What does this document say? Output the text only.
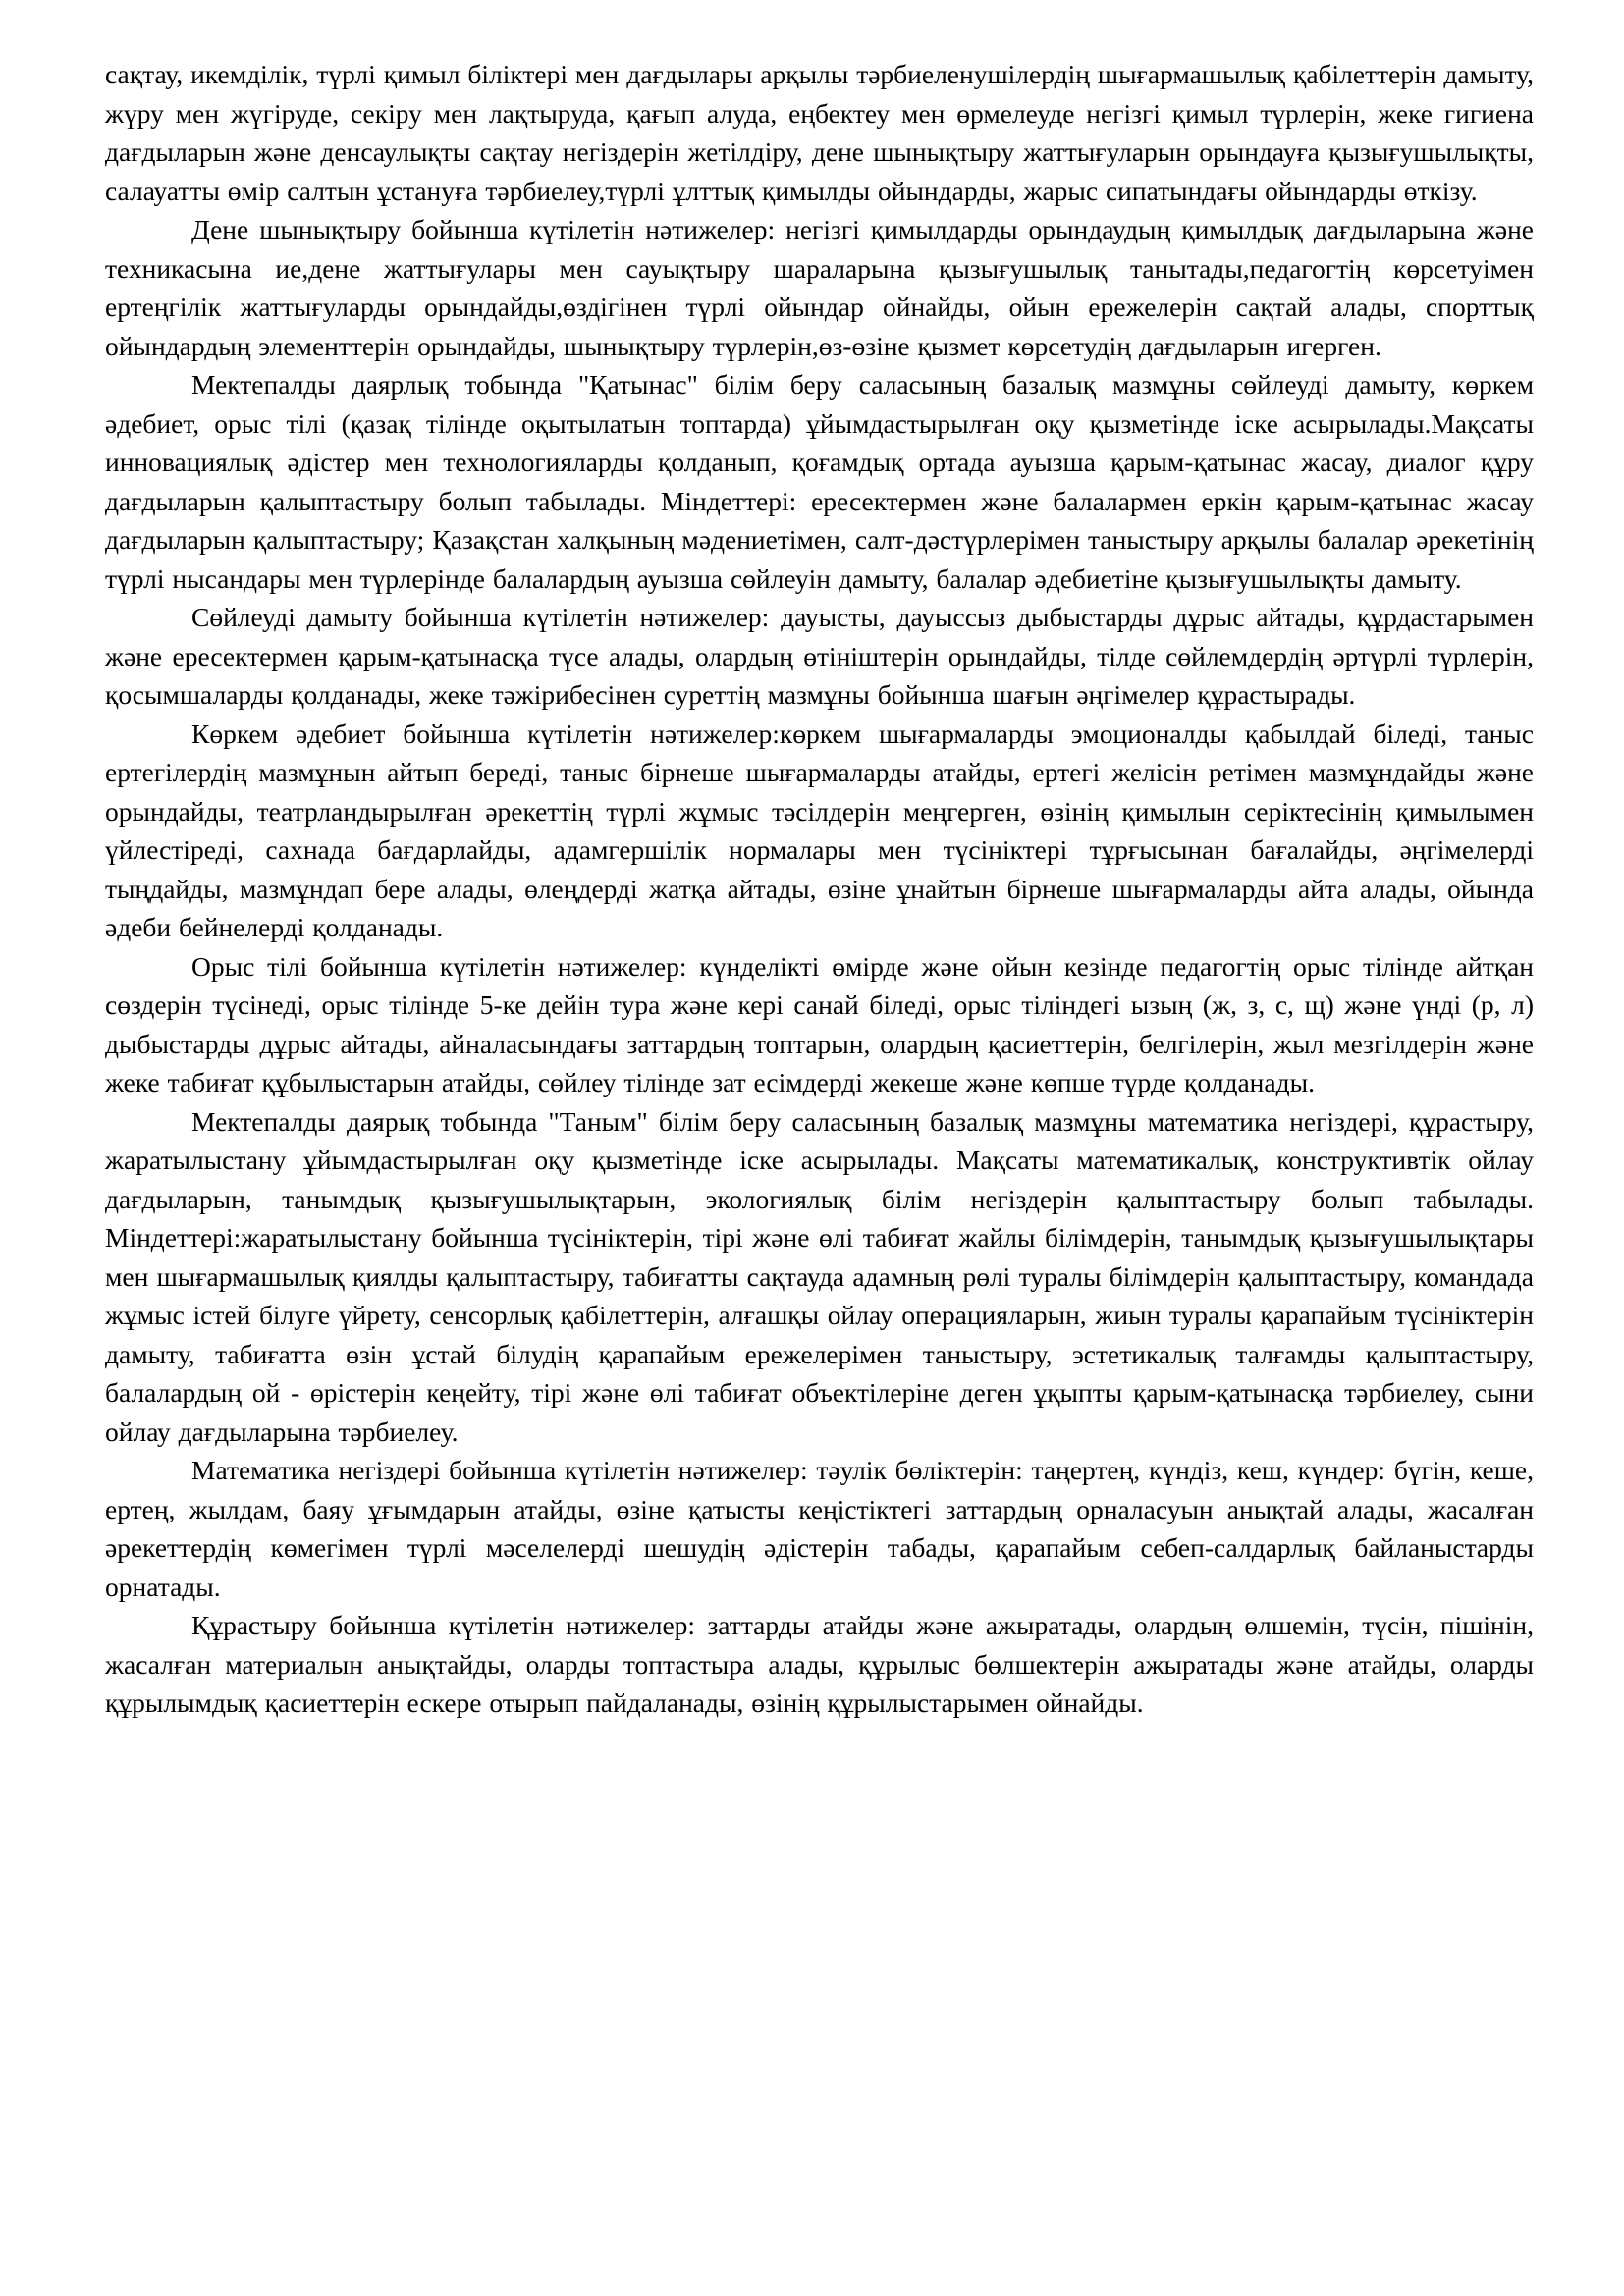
сақтау, икемділік, түрлі қимыл біліктері мен дағдылары арқылы тәрбиеленушілердің шығармашылық қабілеттерін дамыту, жүру мен жүгіруде, секіру мен лақтыруда, қағып алуда, еңбектеу мен өрмелеуде негізгі қимыл түрлерін, жеке гигиена дағдыларын және денсаулықты сақтау негіздерін жетілдіру, дене шынықтыру жаттығуларын орындауға қызығушылықты, салауатты өмір салтын ұстануға тәрбиелеу,түрлі ұлттық қимылды ойындарды, жарыс сипатындағы ойындарды өткізу.

Дене шынықтыру бойынша күтілетін нәтижелер: негізгі қимылдарды орындаудың қимылдық дағдыларына және техникасына ие,дене жаттығулары мен сауықтыру шараларына қызығушылық танытады,педагогтің көрсетуімен ертеңгілік жаттығуларды орындайды,өздігінен түрлі ойындар ойнайды, ойын ережелерін сақтай алады, спорттық ойындардың элементтерін орындайды, шынықтыру түрлерін,өз-өзіне қызмет көрсетудің дағдыларын игерген.

Мектепалды даярлық тобында "Қатынас" білім беру саласының базалық мазмұны сөйлеуді дамыту, көркем әдебиет, орыс тілі (қазақ тілінде оқытылатын топтарда) ұйымдастырылған оқу қызметінде іске асырылады.Мақсаты инновациялық әдістер мен технологияларды қолданып, қоғамдық ортада ауызша қарым-қатынас жасау, диалог құру дағдыларын қалыптастыру болып табылады. Міндеттері: ересектермен және балалармен еркін қарым-қатынас жасау дағдыларын қалыптастыру; Қазақстан халқының мәдениетімен, салт-дәстүрлерімен таныстыру арқылы балалар әрекетінің түрлі нысандары мен түрлерінде балалардың ауызша сөйлеуін дамыту, балалар әдебиетіне қызығушылықты дамыту.

Сөйлеуді дамыту бойынша күтілетін нәтижелер: дауысты, дауыссыз дыбыстарды дұрыс айтады, құрдастарымен және ересектермен қарым-қатынасқа түсе алады, олардың өтініштерін орындайды, тілде сөйлемдердің әртүрлі түрлерін, қосымшаларды қолданады, жеке тәжірибесінен суреттің мазмұны бойынша шағын әңгімелер құрастырады.

Көркем әдебиет бойынша күтілетін нәтижелер:көркем шығармаларды эмоционалды қабылдай біледі, таныс ертегілердің мазмұнын айтып береді, таныс бірнеше шығармаларды атайды, ертегі желісін ретімен мазмұндайды және орындайды, театрландырылған әрекеттің түрлі жұмыс тәсілдерін меңгерген, өзінің қимылын серіктесінің қимылымен үйлестіреді, сахнада бағдарлайды, адамгершілік нормалары мен түсініктері тұрғысынан бағалайды, әңгімелерді тыңдайды, мазмұндап бере алады, өлеңдерді жатқа айтады, өзіне ұнайтын бірнеше шығармаларды айта алады, ойында әдеби бейнелерді қолданады.

Орыс тілі бойынша күтілетін нәтижелер: күнделікті өмірде және ойын кезінде педагогтің орыс тілінде айтқан сөздерін түсінеді, орыс тілінде 5-ке дейін тура және кері санай біледі, орыс тіліндегі ызың (ж, з, с, щ) және үнді (р, л) дыбыстарды дұрыс айтады, айналасындағы заттардың топтарын, олардың қасиеттерін, белгілерін, жыл мезгілдерін және жеке табиғат құбылыстарын атайды, сөйлеу тілінде зат есімдерді жекеше және көпше түрде қолданады.

Мектепалды даярық тобында "Таным" білім беру саласының базалық мазмұны математика негіздері, құрастыру, жаратылыстану ұйымдастырылған оқу қызметінде іске асырылады. Мақсаты математикалық, конструктивтік ойлау дағдыларын, танымдық қызығушылықтарын, экологиялық білім негіздерін қалыптастыру болып табылады. Міндеттері:жаратылыстану бойынша түсініктерін, тірі және өлі табиғат жайлы білімдерін, танымдық қызығушылықтары мен шығармашылық қиялды қалыптастыру, табиғатты сақтауда адамның рөлі туралы білімдерін қалыптастыру, командада жұмыс істей білуге үйрету, сенсорлық қабілеттерін, алғашқы ойлау операцияларын, жиын туралы қарапайым түсініктерін дамыту, табиғатта өзін ұстай білудің қарапайым ережелерімен таныстыру, эстетикалық талғамды қалыптастыру, балалардың ой - өрістерін кеңейту, тірі және өлі табиғат объектілеріне деген ұқыпты қарым-қатынасқа тәрбиелеу, сыни ойлау дағдыларына тәрбиелеу.

Математика негіздері бойынша күтілетін нәтижелер: тәулік бөліктерін: таңертең, күндіз, кеш, күндер: бүгін, кеше, ертең, жылдам, баяу ұғымдарын атайды, өзіне қатысты кеңістіктегі заттардың орналасуын анықтай алады, жасалған әрекеттердің көмегімен түрлі мәселелерді шешудің әдістерін табады, қарапайым себеп-салдарлық байланыстарды орнатады.

Құрастыру бойынша күтілетін нәтижелер: заттарды атайды және ажыратады, олардың өлшемін, түсін, пішінін, жасалған материалын анықтайды, оларды топтастыра алады, құрылыс бөлшектерін ажыратады және атайды, оларды құрылымдық қасиеттерін ескере отырып пайдаланады, өзінің құрылыстарымен ойнайды.
